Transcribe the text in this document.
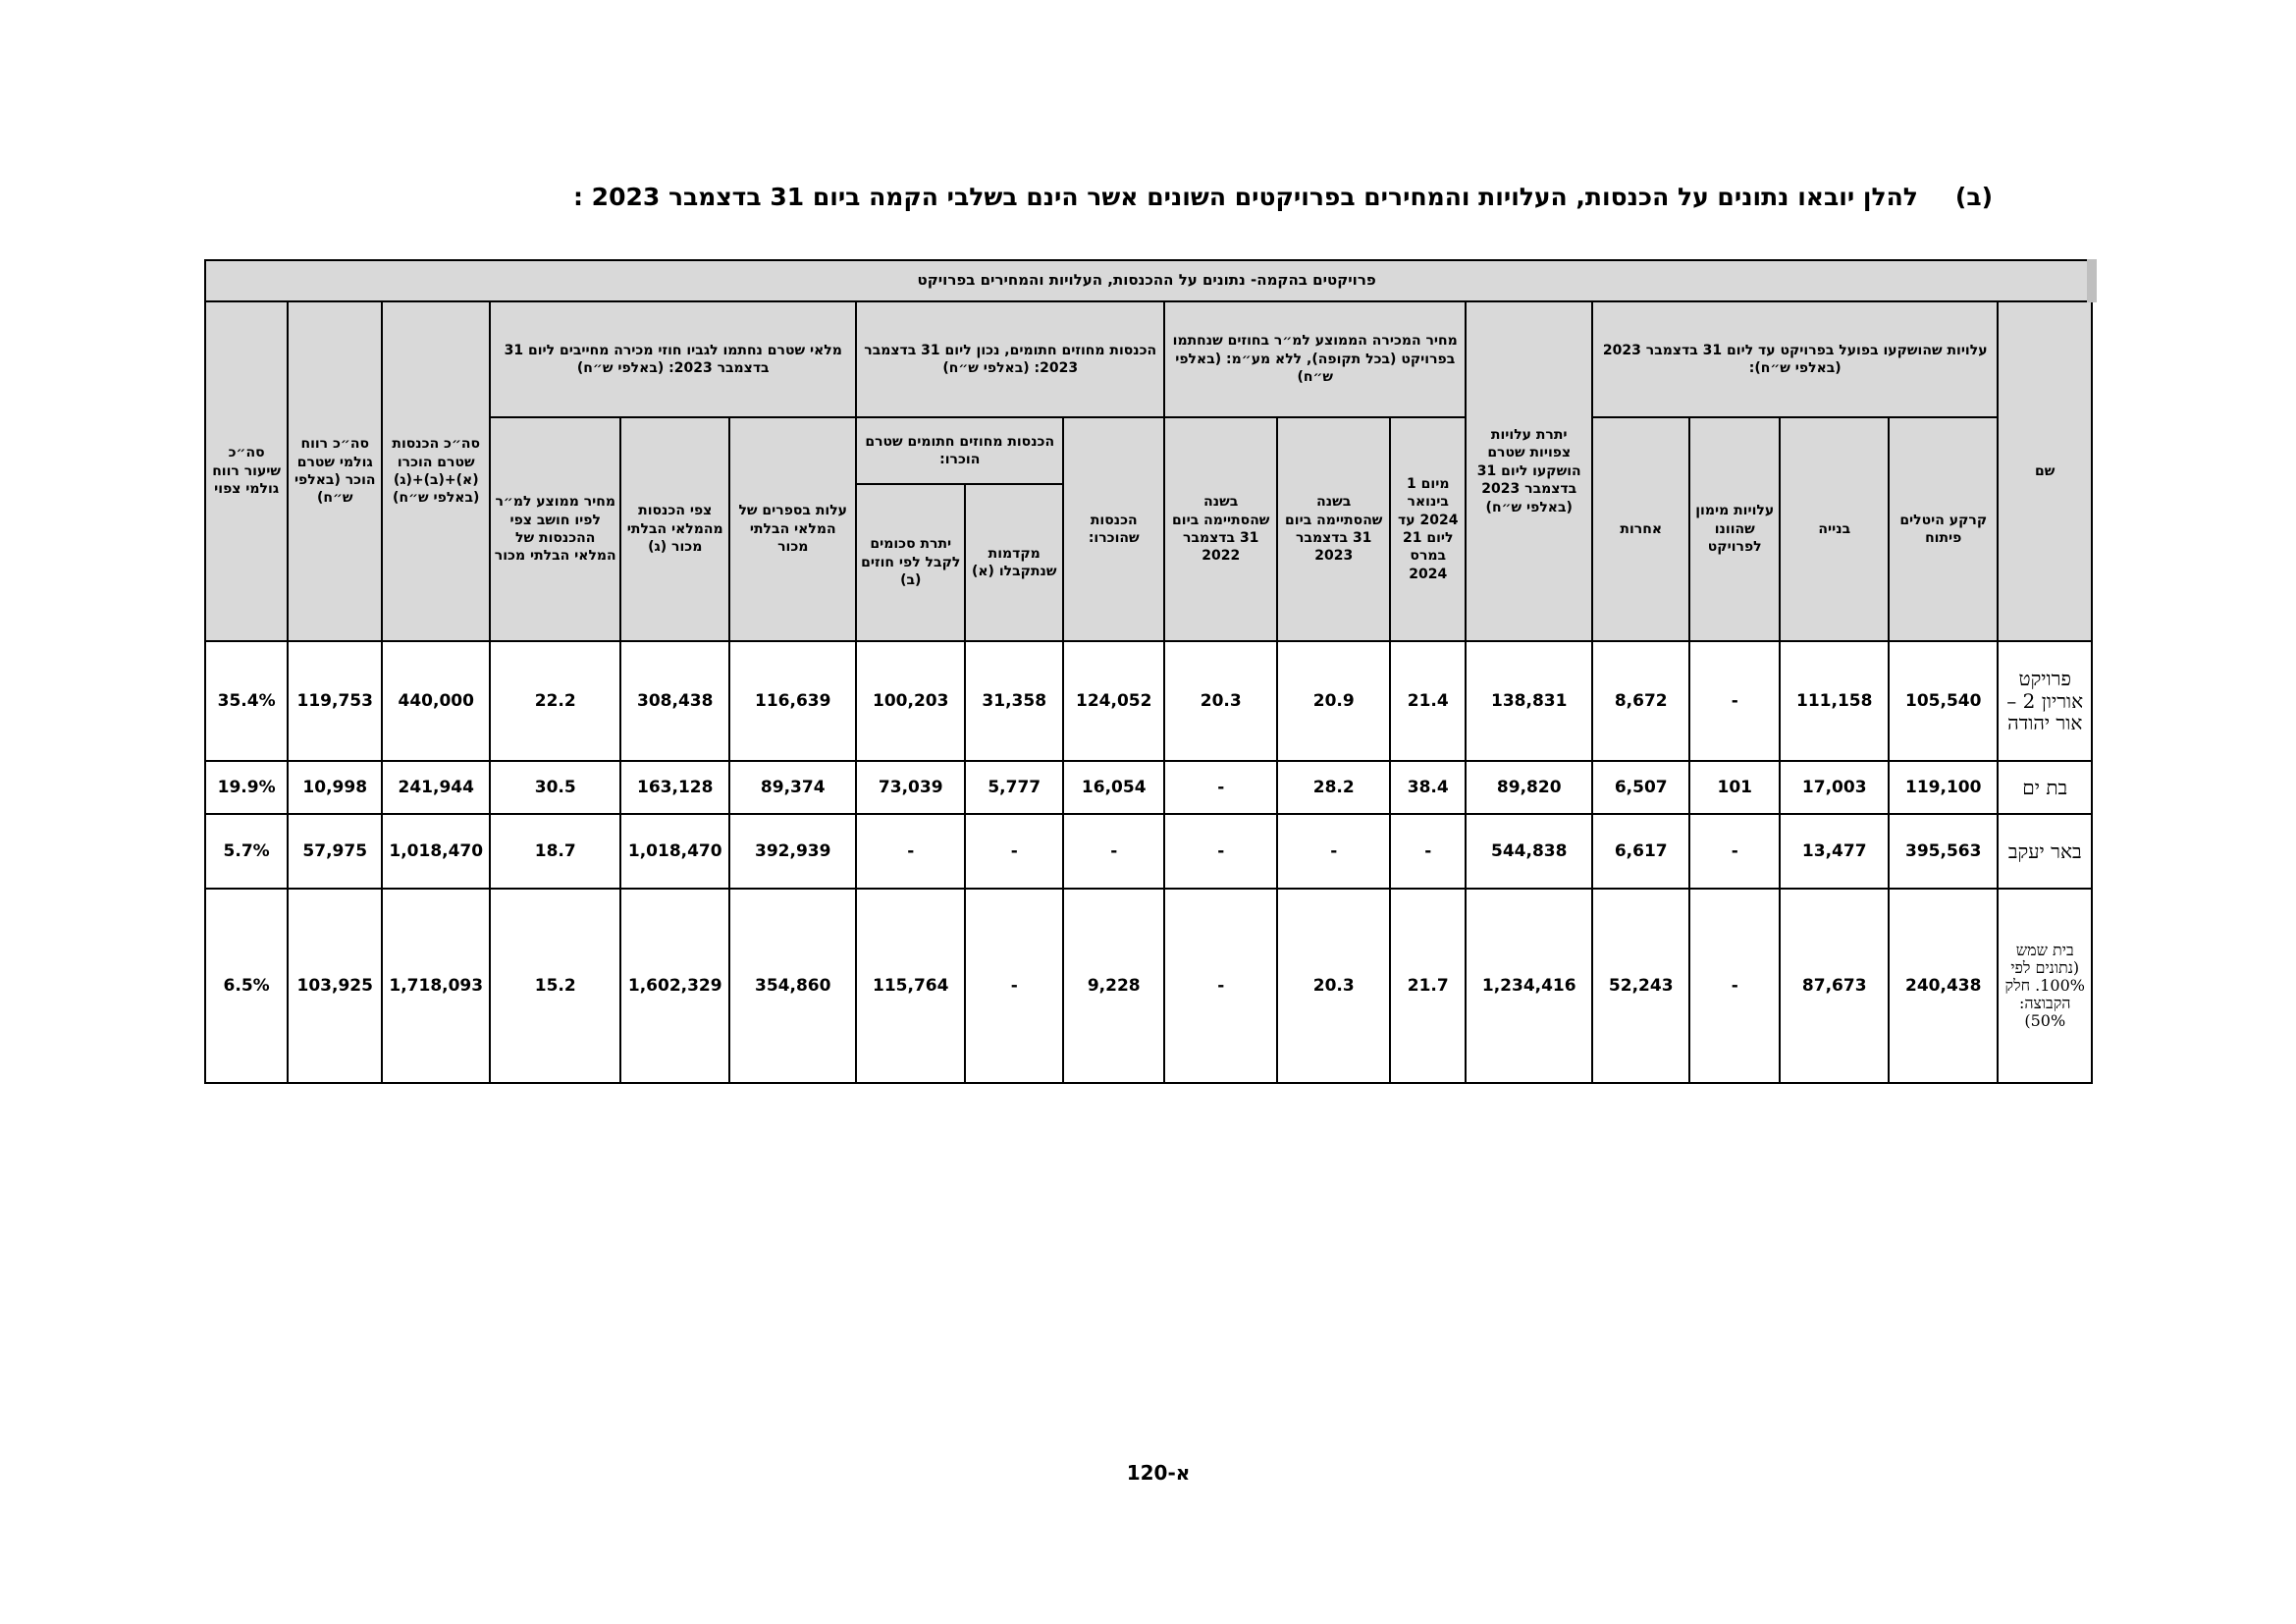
(ב)להלן יובאו נתונים על הכנסות, העלויות והמחירים בפרויקטים השונים אשר הינם בשלבי הקמה ביום 31 בדצמבר 2023 :
פרויקטים בהקמה- נתונים על ההכנסות, העלויות והמחירים בפרויקט																	
שם	עלויות שהושקעו בפועל בפרויקט עד ליום 31 בדצמבר 2023 (באלפי ש״ח):				יתרת עלויות צפויות שטרם הושקעו ליום 31 בדצמבר 2023 (באלפי ש״ח)	מחיר המכירה הממוצע למ״ר בחוזים שנחתמו בפרויקט (בכל תקופה), ללא מע״מ: (באלפי ש״ח)			הכנסות מחוזים חתומים, נכון ליום 31 בדצמבר 2023: (באלפי ש״ח)			מלאי שטרם נחתמו לגביו חוזי מכירה מחייבים ליום 31 בדצמבר 2023: (באלפי ש״ח)			סה״כ הכנסות שטרם הוכרו (א)+(ב)+(ג) (באלפי ש״ח)	סה״כ רווח גולמי שטרם הוכר (באלפי ש״ח)	סה״כ שיעור רווח גולמי צפוי
	קרקע היטלים פיתוח	בנייה	עלויות מימון שהוונו לפרויקט	אחרות		מיום 1 בינואר 2024 עד ליום 21 במרס 2024	בשנה שהסתיימה ביום 31 בדצמבר 2023	בשנה שהסתיימה ביום 31 בדצמבר 2022	הכנסות שהוכרו:	הכנסות מחוזים חתומים שטרם הוכרו:		עלות בספרים של המלאי הבלתי מכור	צפי הכנסות מהמלאי הבלתי מכור (ג)	מחיר ממוצע למ״ר לפיו חושב צפי ההכנסות של המלאי הבלתי מכור			
										מקדמות שנתקבלו (א)	יתרת סכומים לקבל לפי חוזים (ב)						
פרויקט אוריון 2 – אור יהודה	105,540	111,158	-	8,672	138,831	21.4	20.9	20.3	124,052	31,358	100,203	116,639	308,438	22.2	440,000	119,753	35.4%
בת ים	119,100	17,003	101	6,507	89,820	38.4	28.2	-	16,054	5,777	73,039	89,374	163,128	30.5	241,944	10,998	19.9%
באר יעקב	395,563	13,477	-	6,617	544,838	-	-	-	-	-	-	392,939	1,018,470	18.7	1,018,470	57,975	5.7%
בית שמש (נתונים לפי 100%. חלק הקבוצה: 50%)	240,438	87,673	-	52,243	1,234,416	21.7	20.3	-	9,228	-	115,764	354,860	1,602,329	15.2	1,718,093	103,925	6.5%
א-120
